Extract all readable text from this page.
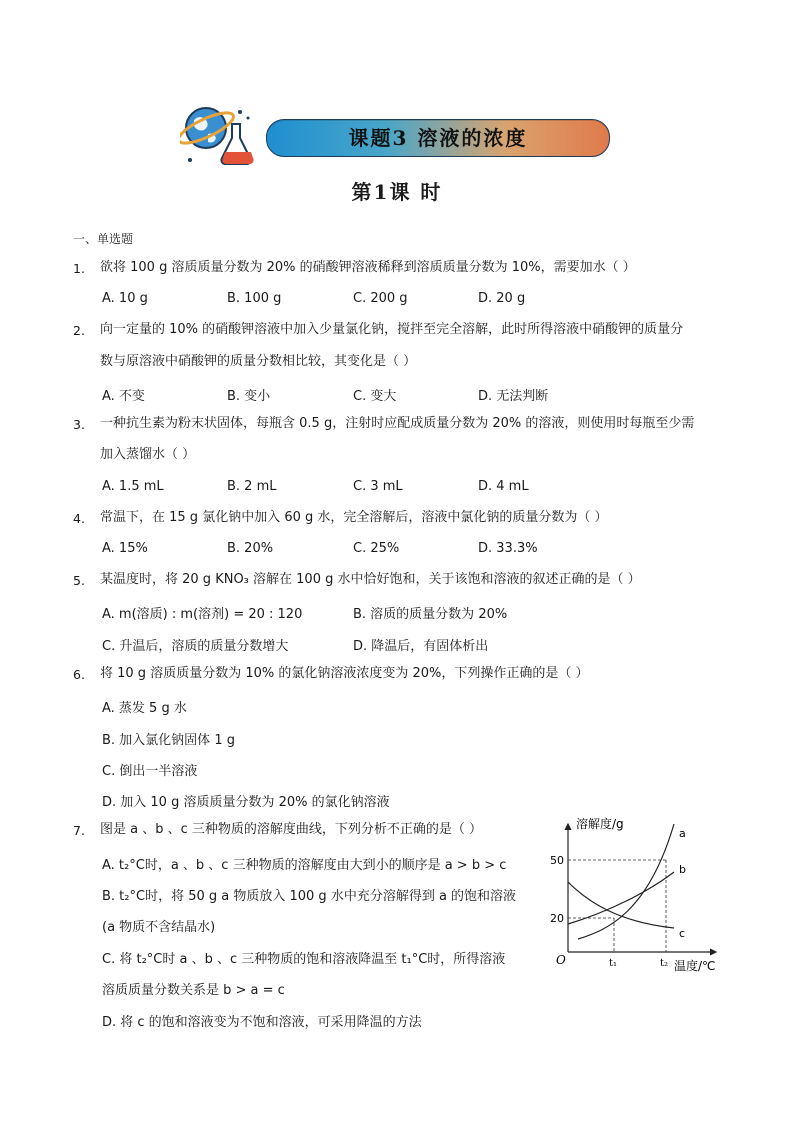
课题3 溶液的浓度
第1课 时
一、单选题
1. 欲将 100 g 溶质质量分数为 20% 的硝酸钾溶液稀释到溶质质量分数为 10%，需要加水（ ）
A. 10 g	B. 100 g	C. 200 g	D. 20 g
2. 向一定量的 10% 的硝酸钾溶液中加入少量氯化钠，搅拌至完全溶解，此时所得溶液中硝酸钾的质量分
数与原溶液中硝酸钾的质量分数相比较，其变化是（ ）
A. 不变	B. 变小	C. 变大	D. 无法判断
3. 一种抗生素为粉末状固体，每瓶含 0.5 g，注射时应配成质量分数为 20% 的溶液，则使用时每瓶至少需
加入蒸馏水（ ）
A. 1.5 mL	B. 2 mL	C. 3 mL	D. 4 mL
4. 常温下，在 15 g 氯化钠中加入 60 g 水，完全溶解后，溶液中氯化钠的质量分数为（ ）
A. 15%	B. 20%	C. 25%	D. 33.3%
5. 某温度时，将 20 g KNO₃ 溶解在 100 g 水中恰好饱和，关于该饱和溶液的叙述正确的是（ ）
A. m(溶质) : m(溶剂) = 20 : 120	B. 溶质的质量分数为 20%
C. 升温后，溶质的质量分数增大	D. 降温后，有固体析出
6. 将 10 g 溶质质量分数为 10% 的氯化钠溶液浓度变为 20%，下列操作正确的是（ ）
A. 蒸发 5 g 水
B. 加入氯化钠固体 1 g
C. 倒出一半溶液
D. 加入 10 g 溶质质量分数为 20% 的氯化钠溶液
7. 图是 a 、b 、c 三种物质的溶解度曲线，下列分析不正确的是（ ）
A. t₂°C时，a 、b 、c 三种物质的溶解度由大到小的顺序是 a > b > c
B. t₂°C时，将 50 g a 物质放入 100 g 水中充分溶解得到 a 的饱和溶液
(a 物质不含结晶水)
C. 将 t₂°C时 a 、b 、c 三种物质的饱和溶液降温至 t₁°C时，所得溶液
溶质质量分数关系是 b > a = c
D. 将 c 的饱和溶液变为不饱和溶液，可采用降温的方法
溶解度/g
温度/℃
O
50
20
t₁	t₂
a
b
c
